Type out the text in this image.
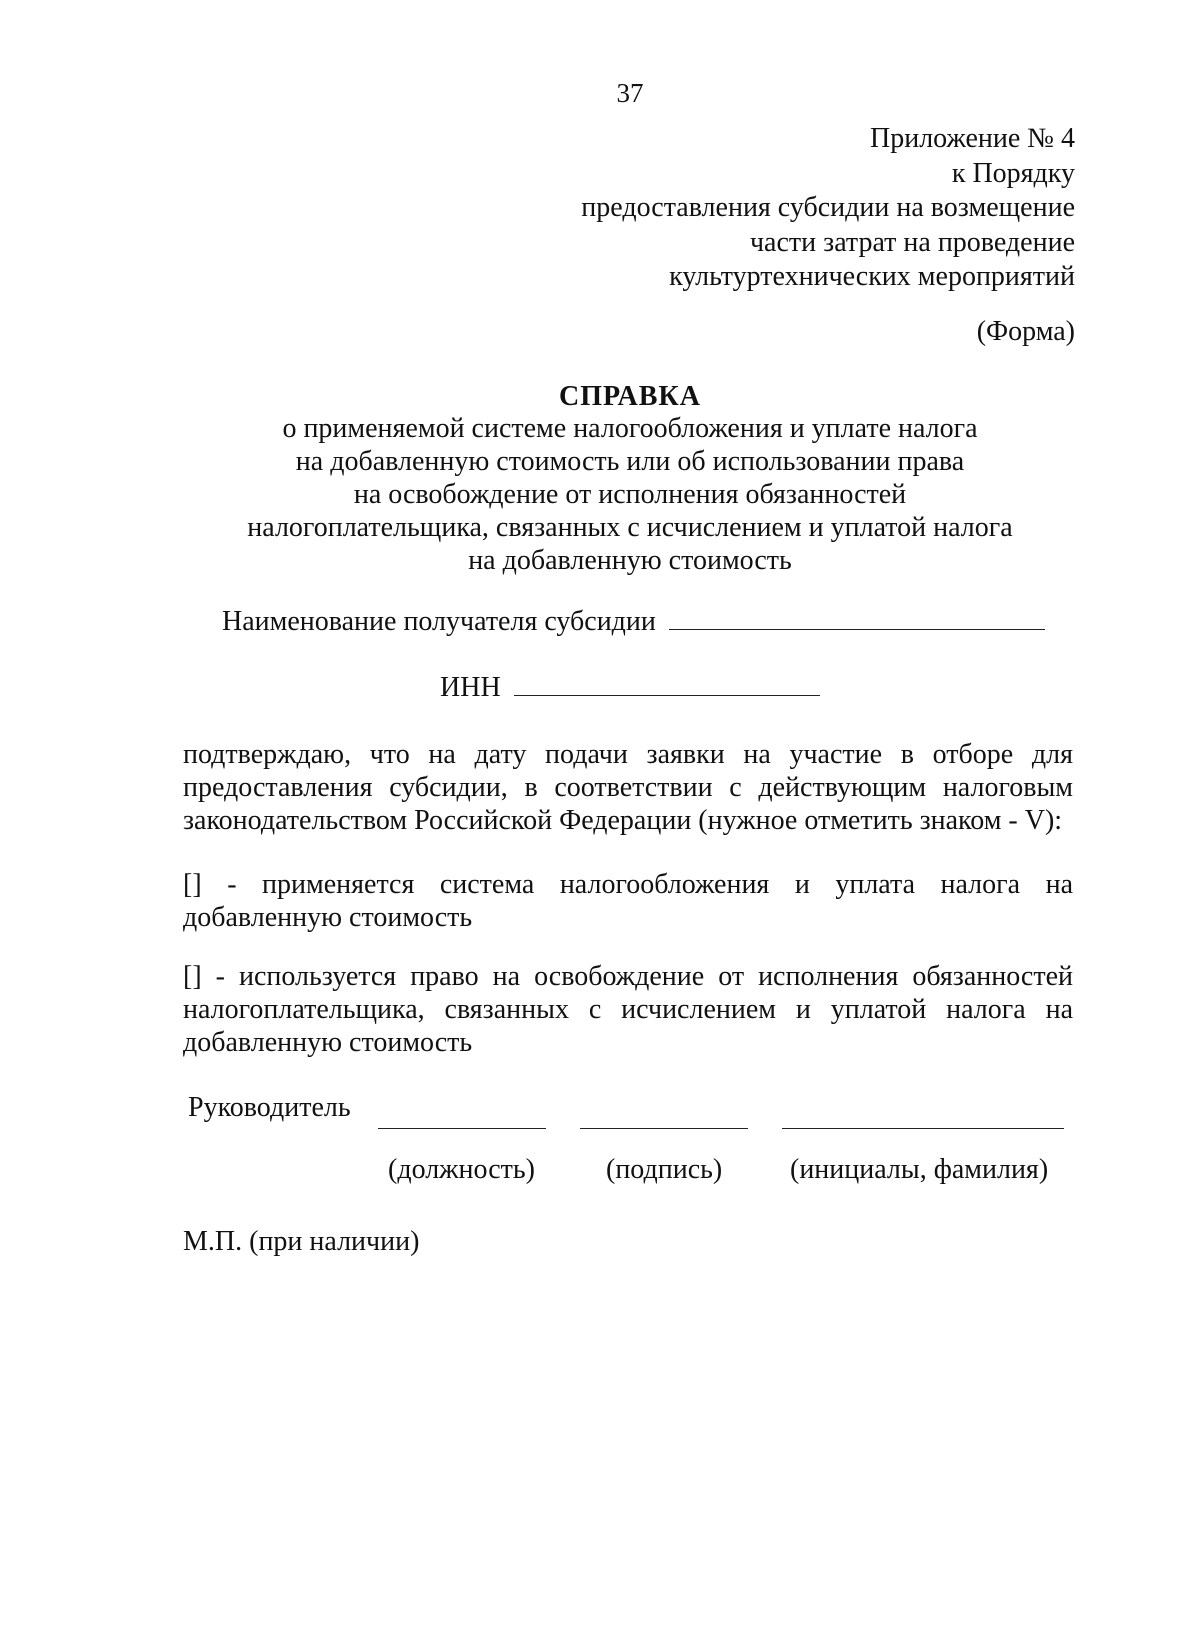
37
Приложение № 4
к Порядку
предоставления субсидии на возмещение
части затрат на проведение
культуртехнических мероприятий
(Форма)
СПРАВКА
о применяемой системе налогообложения и уплате налога
на добавленную стоимость или об использовании права
на освобождение от исполнения обязанностей
налогоплательщика, связанных с исчислением и уплатой налога
на добавленную стоимость
Наименование получателя субсидии
ИНН
подтверждаю, что на дату подачи заявки на участие в отборе для предоставления субсидии, в соответствии с действующим налоговым законодательством Российской Федерации (нужное отметить знаком - V):
[] - применяется система налогообложения и уплата налога на добавленную стоимость
[] - используется право на освобождение от исполнения обязанностей налогоплательщика, связанных с исчислением и уплатой налога на добавленную стоимость
Руководитель
(должность)	(подпись) (инициалы, фамилия)
М.П. (при наличии)
